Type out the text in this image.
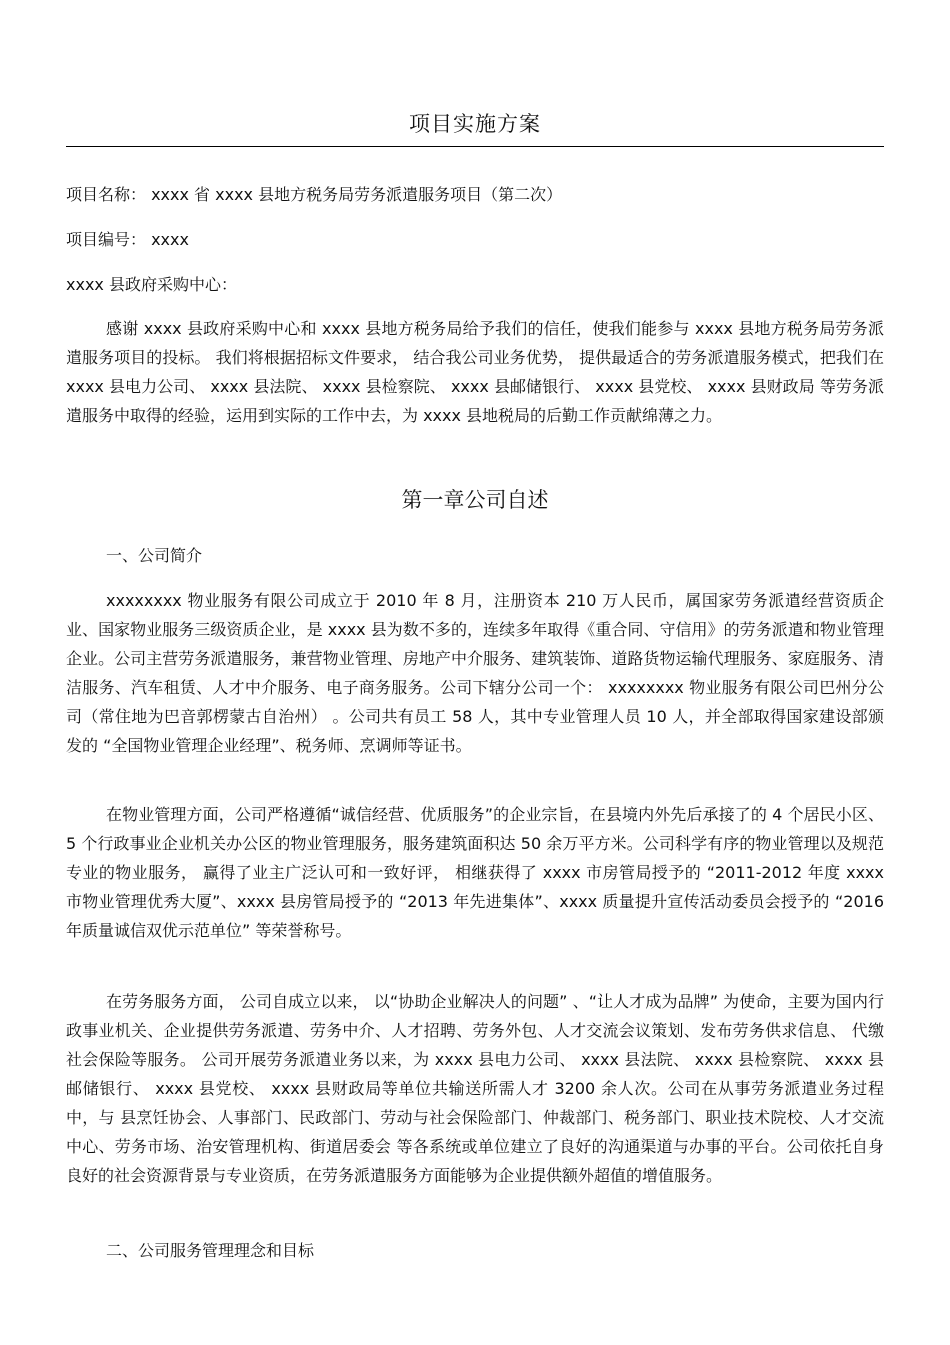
项目实施方案
项目名称： xxxx 省 xxxx 县地方税务局劳务派遣服务项目（第二次）
项目编号： xxxx
xxxx 县政府采购中心：
感谢 xxxx 县政府采购中心和 xxxx 县地方税务局给予我们的信任，使我们能参与 xxxx 县地方税务局劳务派遣服务项目的投标。 我们将根据招标文件要求， 结合我公司业务优势， 提供最适合的劳务派遣服务模式，把我们在 xxxx 县电力公司、 xxxx 县法院、 xxxx 县检察院、 xxxx 县邮储银行、 xxxx 县党校、 xxxx 县财政局 等劳务派遣服务中取得的经验，运用到实际的工作中去，为 xxxx 县地税局的后勤工作贡献绵薄之力。
第一章公司自述
一、公司简介
xxxxxxxx 物业服务有限公司成立于 2010 年 8 月，注册资本 210 万人民币，属国家劳务派遣经营资质企业、国家物业服务三级资质企业，是 xxxx 县为数不多的，连续多年取得《重合同、守信用》的劳务派遣和物业管理企业。公司主营劳务派遣服务，兼营物业管理、房地产中介服务、建筑装饰、道路货物运输代理服务、家庭服务、清洁服务、汽车租赁、人才中介服务、电子商务服务。公司下辖分公司一个： xxxxxxxx 物业服务有限公司巴州分公司（常住地为巴音郭楞蒙古自治州） 。公司共有员工 58 人，其中专业管理人员 10 人，并全部取得国家建设部颁发的 “全国物业管理企业经理”、税务师、烹调师等证书。
在物业管理方面，公司严格遵循“诚信经营、优质服务”的企业宗旨，在县境内外先后承接了的 4 个居民小区、 5 个行政事业企业机关办公区的物业管理服务，服务建筑面积达 50 余万平方米。公司科学有序的物业管理以及规范专业的物业服务， 赢得了业主广泛认可和一致好评， 相继获得了 xxxx 市房管局授予的 “2011-2012 年度 xxxx 市物业管理优秀大厦”、xxxx 县房管局授予的 “2013 年先进集体”、xxxx 质量提升宣传活动委员会授予的 “2016 年质量诚信双优示范单位” 等荣誉称号。
在劳务服务方面， 公司自成立以来， 以“协助企业解决人的问题” 、“让人才成为品牌” 为使命，主要为国内行政事业机关、企业提供劳务派遣、劳务中介、人才招聘、劳务外包、人才交流会议策划、发布劳务供求信息、 代缴社会保险等服务。 公司开展劳务派遣业务以来，为 xxxx 县电力公司、 xxxx 县法院、 xxxx 县检察院、 xxxx 县邮储银行、 xxxx 县党校、 xxxx 县财政局等单位共输送所需人才 3200 余人次。公司在从事劳务派遣业务过程中，与 县烹饪协会、人事部门、民政部门、劳动与社会保险部门、仲裁部门、税务部门、职业技术院校、人才交流中心、劳务市场、治安管理机构、街道居委会 等各系统或单位建立了良好的沟通渠道与办事的平台。公司依托自身良好的社会资源背景与专业资质，在劳务派遣服务方面能够为企业提供额外超值的增值服务。
二、公司服务管理理念和目标
